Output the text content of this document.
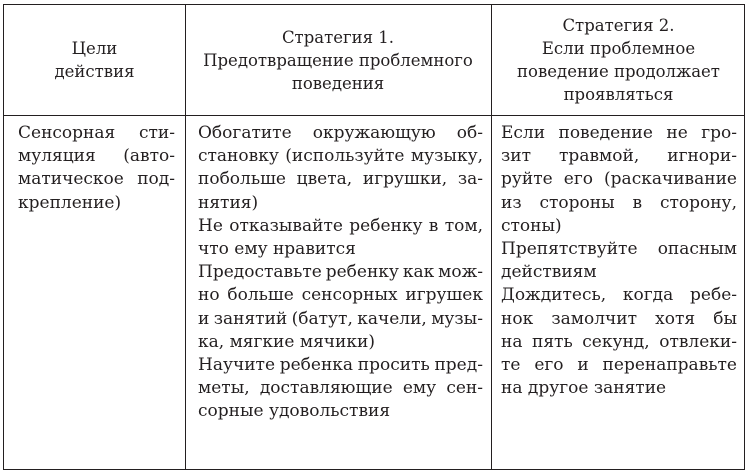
Цели
действия
Стратегия 1.
Предотвращение проблемного
поведения
Стратегия 2.
Если проблемное
поведение продолжает
проявляться
Сенсорная сти-
муляция (авто-
матическое под-
крепление)
Обогатите окружающую об-
становку (используйте музыку,
побольше цвета, игрушки, за-
нятия)
Не отказывайте ребенку в том,
что ему нравится
Предоставьте ребенку как мож-
но больше сенсорных игрушек
и занятий (батут, качели, музы-
ка, мягкие мячики)
Научите ребенка просить пред-
меты, доставляющие ему сен-
сорные удовольствия
Если поведение не гро-
зит травмой, игнори-
руйте его (раскачивание
из стороны в сторону,
стоны)
Препятствуйте опасным
действиям
Дождитесь, когда ребе-
нок замолчит хотя бы
на пять секунд, отвлеки-
те его и перенаправьте
на другое занятие
